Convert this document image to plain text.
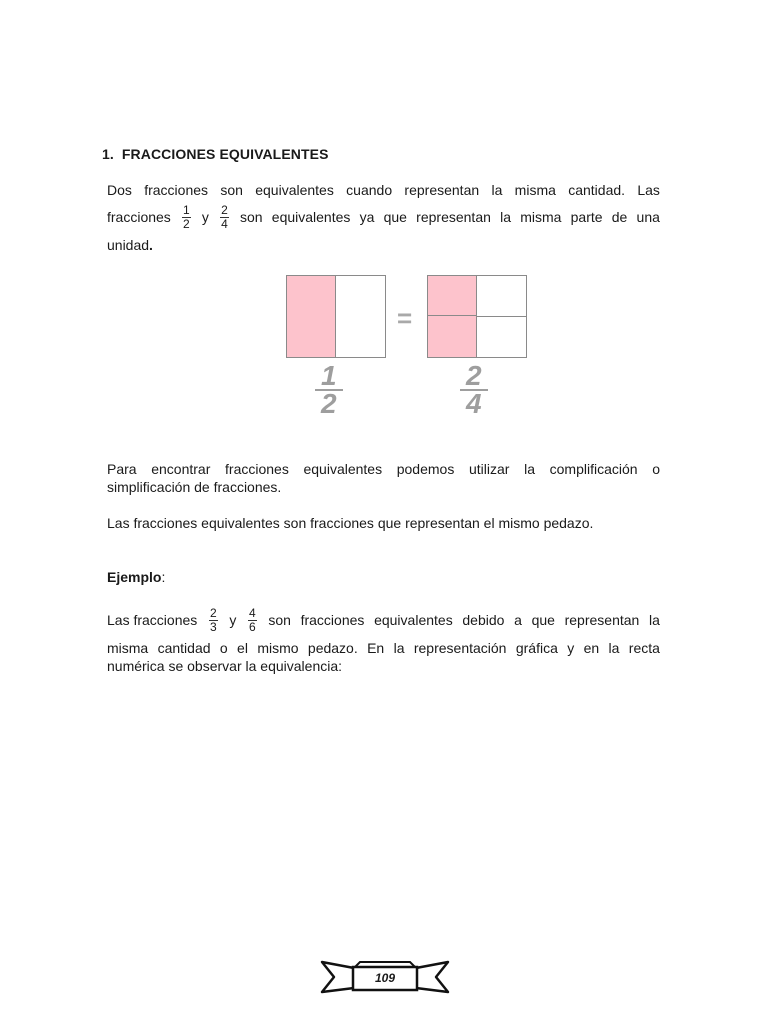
1. FRACCIONES EQUIVALENTES
Dos fracciones son equivalentes cuando representan la misma cantidad. Las
fracciones $\frac{1}{2}$ y $\frac{2}{4}$ son equivalentes ya que representan la misma parte de una
unidad.
=
$\frac{1}{2}$	$\frac{2}{4}$
Para encontrar fracciones equivalentes podemos utilizar la complificación o
simplificación de fracciones.
Las fracciones equivalentes son fracciones que representan el mismo pedazo.
Ejemplo:
Las fracciones $\frac{2}{3}$ y $\frac{4}{6}$ son fracciones equivalentes debido a que representan la
misma cantidad o el mismo pedazo. En la representación gráfica y en la recta
numérica se observar la equivalencia:
109
